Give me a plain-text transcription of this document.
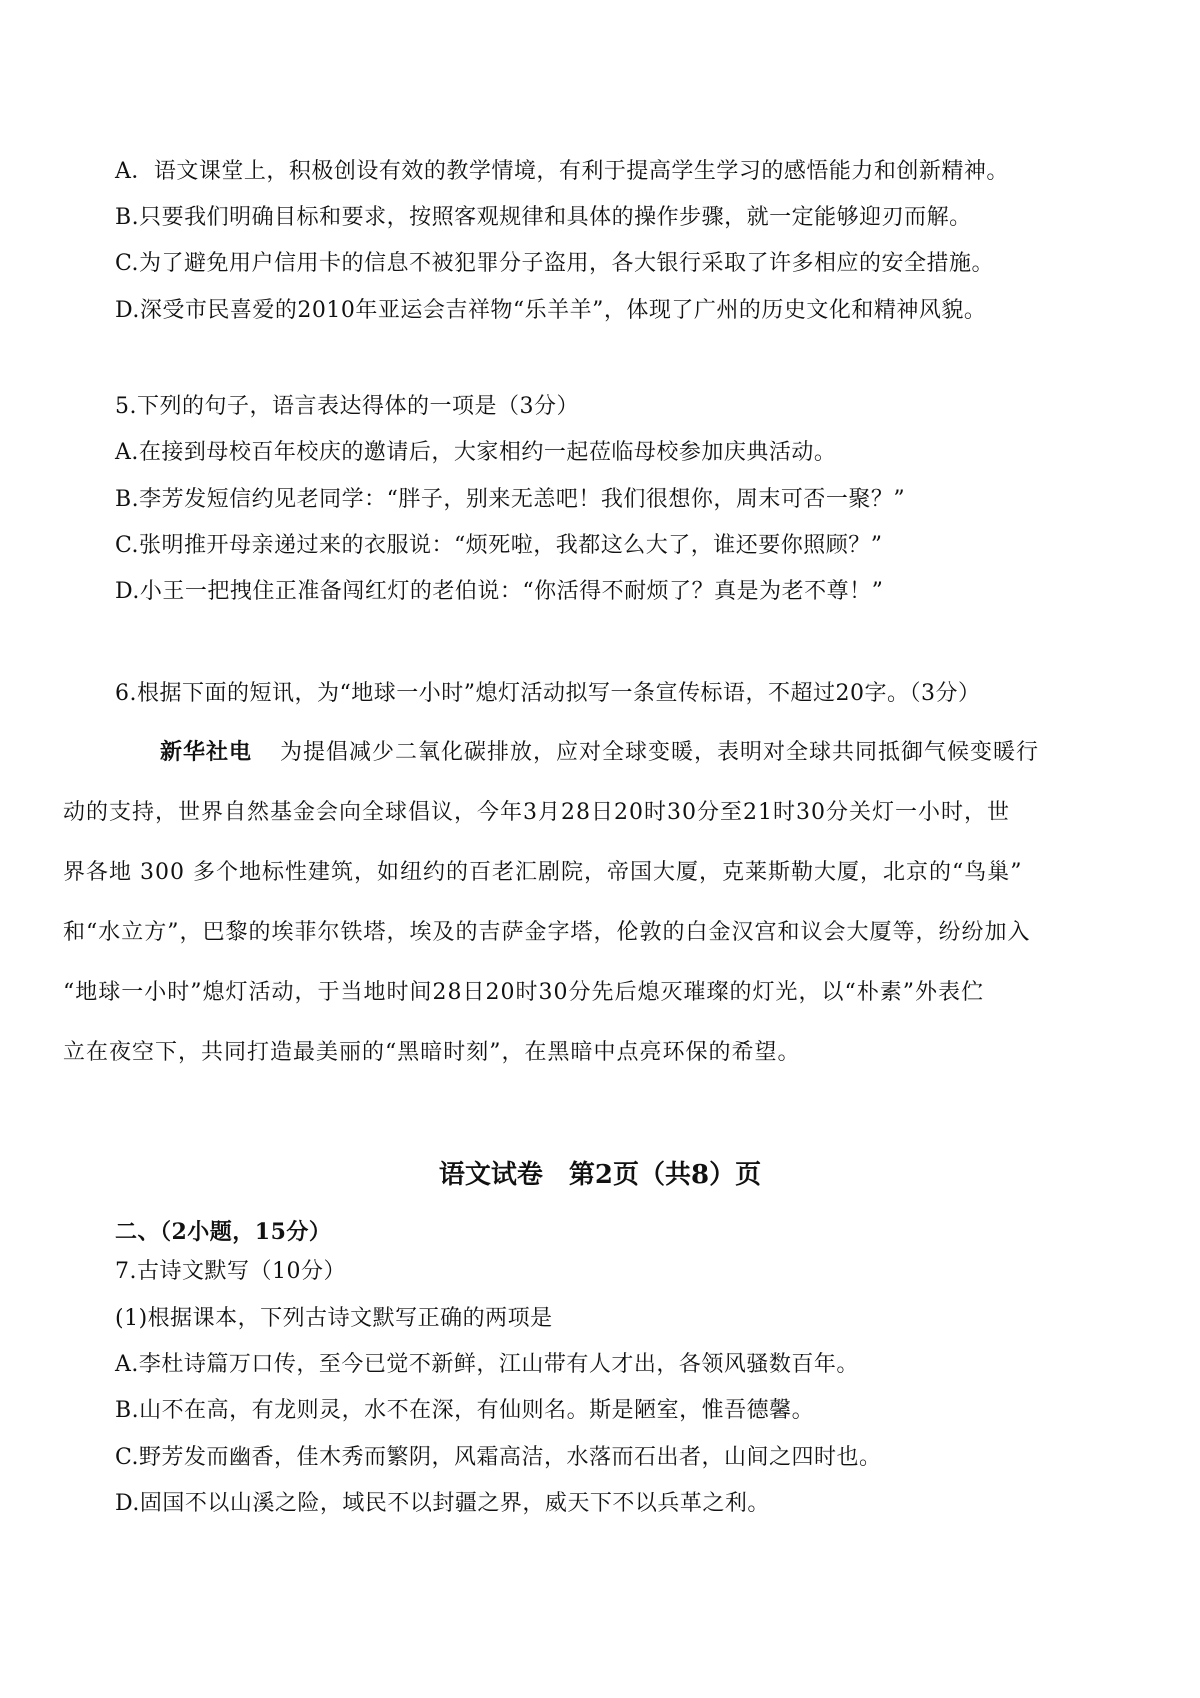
A．语文课堂上，积极创设有效的教学情境，有利于提高学生学习的感悟能力和创新精神。
B.只要我们明确目标和要求，按照客观规律和具体的操作步骤，就一定能够迎刃而解。
C.为了避免用户信用卡的信息不被犯罪分子盗用，各大银行采取了许多相应的安全措施。
D.深受市民喜爱的2010年亚运会吉祥物“乐羊羊”，体现了广州的历史文化和精神风貌。
5.下列的句子，语言表达得体的一项是（3分）
A.在接到母校百年校庆的邀请后，大家相约一起莅临母校参加庆典活动。
B.李芳发短信约见老同学：“胖子，别来无恙吧！我们很想你，周末可否一聚？”
C.张明推开母亲递过来的衣服说：“烦死啦，我都这么大了，谁还要你照顾？”
D.小王一把拽住正准备闯红灯的老伯说：“你活得不耐烦了？真是为老不尊！”
6.根据下面的短讯，为“地球一小时”熄灯活动拟写一条宣传标语，不超过20字。（3分）
新华社电 为提倡减少二氧化碳排放，应对全球变暖，表明对全球共同抵御气候变暖行
动的支持，世界自然基金会向全球倡议，今年3月28日20时30分至21时30分关灯一小时，世
界各地 300 多个地标性建筑，如纽约的百老汇剧院，帝国大厦，克莱斯勒大厦，北京的“鸟巢”
和“水立方”，巴黎的埃菲尔铁塔，埃及的吉萨金字塔，伦敦的白金汉宫和议会大厦等，纷纷加入
“地球一小时”熄灯活动，于当地时间28日20时30分先后熄灭璀璨的灯光，以“朴素”外表伫
立在夜空下，共同打造最美丽的“黑暗时刻”，在黑暗中点亮环保的希望。
语文试卷 第2页（共8）页
二、（2小题，15分）
7.古诗文默写（10分）
(1)根据课本，下列古诗文默写正确的两项是
A.李杜诗篇万口传，至今已觉不新鲜，江山带有人才出，各领风骚数百年。
B.山不在高，有龙则灵，水不在深，有仙则名。斯是陋室，惟吾德馨。
C.野芳发而幽香，佳木秀而繁阴，风霜高洁，水落而石出者，山间之四时也。
D.固国不以山溪之险，域民不以封疆之界，威天下不以兵革之利。
